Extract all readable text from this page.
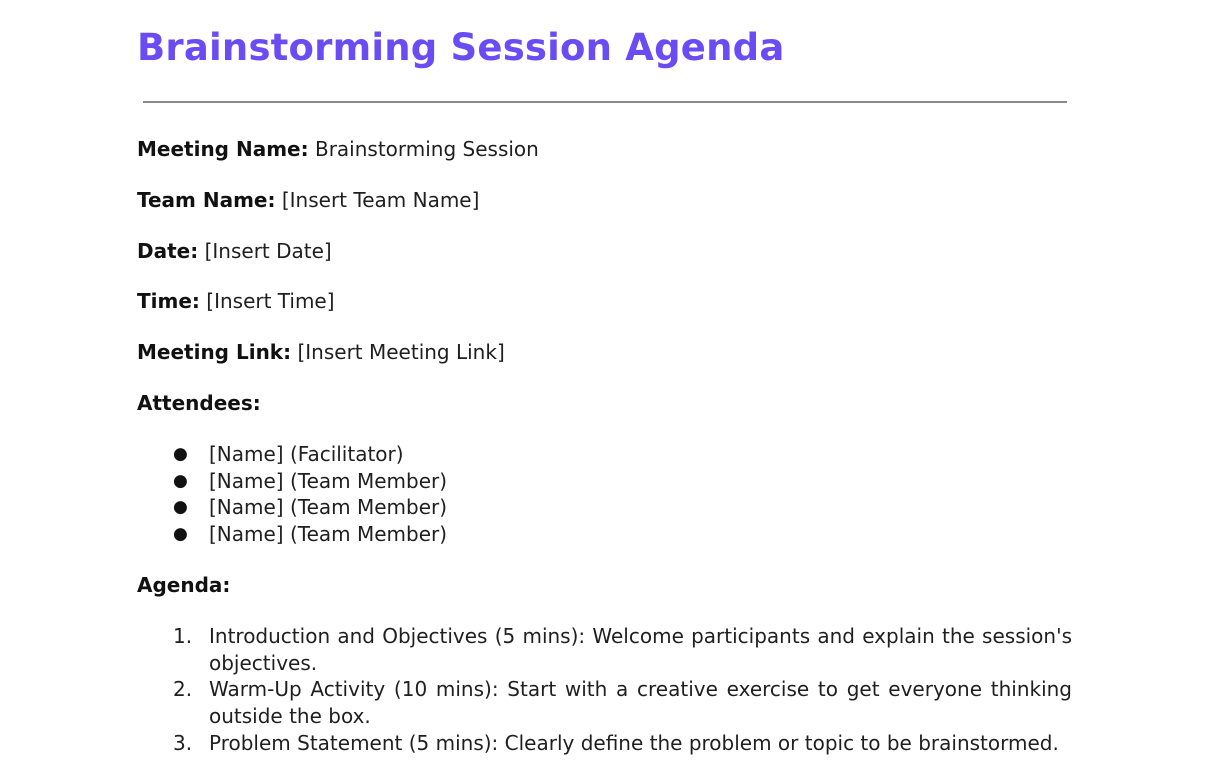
Brainstorming Session Agenda

Meeting Name: Brainstorming Session

Team Name: [Insert Team Name]

Date: [Insert Date]

Time: [Insert Time]

Meeting Link: [Insert Meeting Link]

Attendees:

● [Name] (Facilitator)
● [Name] (Team Member)
● [Name] (Team Member)
● [Name] (Team Member)

Agenda:

1. Introduction and Objectives (5 mins): Welcome participants and explain the session's objectives.
2. Warm-Up Activity (10 mins): Start with a creative exercise to get everyone thinking outside the box.
3. Problem Statement (5 mins): Clearly define the problem or topic to be brainstormed.
